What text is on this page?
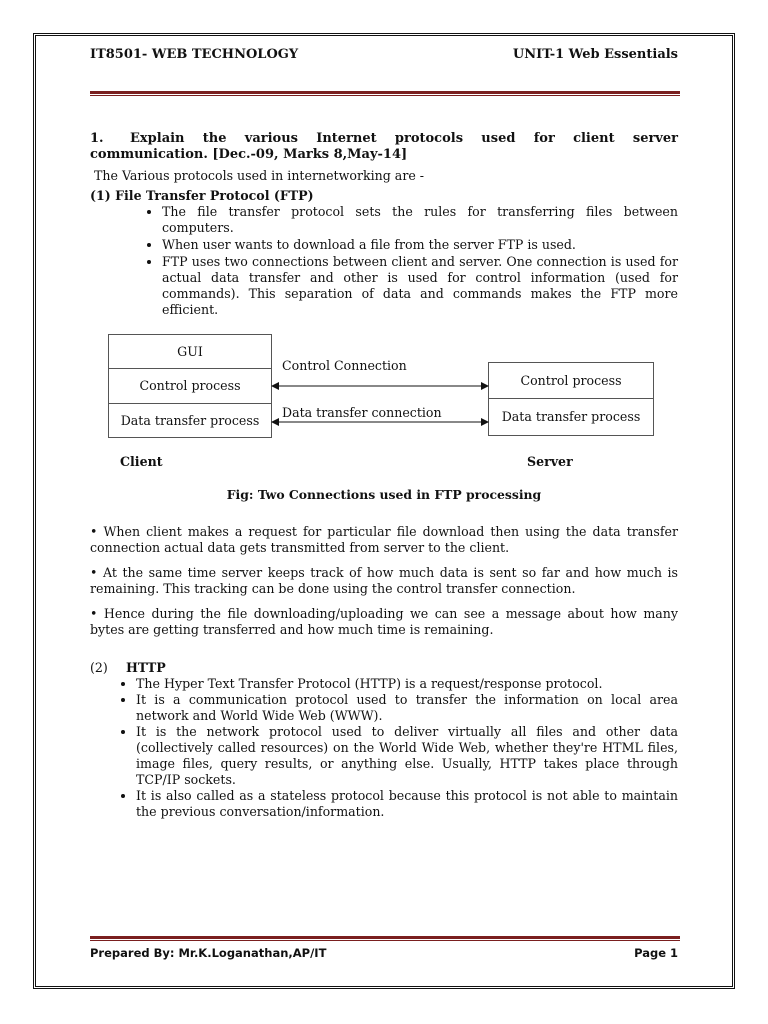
IT8501- WEB TECHNOLOGY	UNIT-1 Web Essentials

1. Explain the various Internet protocols used for client server communication. [Dec.-09, Marks 8,May-14]

The Various protocols used in internetworking are -

(1) File Transfer Protocol (FTP)

• The file transfer protocol sets the rules for transferring files between computers.
• When user wants to download a file from the server FTP is used.
• FTP uses two connections between client and server. One connection is used for actual data transfer and other is used for control information (used for commands). This separation of data and commands makes the FTP more efficient.
GUI
Control process
Data transfer process
Control process
Data transfer process
Control Connection
Data transfer connection
Client	Server
Fig: Two Connections used in FTP processing

• When client makes a request for particular file download then using the data transfer connection actual data gets transmitted from server to the client.

• At the same time server keeps track of how much data is sent so far and how much is remaining. This tracking can be done using the control transfer connection.

• Hence during the file downloading/uploading we can see a message about how many bytes are getting transferred and how much time is remaining.

(2) HTTP

• The Hyper Text Transfer Protocol (HTTP) is a request/response protocol.
• It is a communication protocol used to transfer the information on local area network and World Wide Web (WWW).
• It is the network protocol used to deliver virtually all files and other data (collectively called resources) on the World Wide Web, whether they're HTML files, image files, query results, or anything else. Usually, HTTP takes place through TCP/IP sockets.
• It is also called as a stateless protocol because this protocol is not able to maintain the previous conversation/information.
Prepared By: Mr.K.Loganathan,AP/IT	Page 1
